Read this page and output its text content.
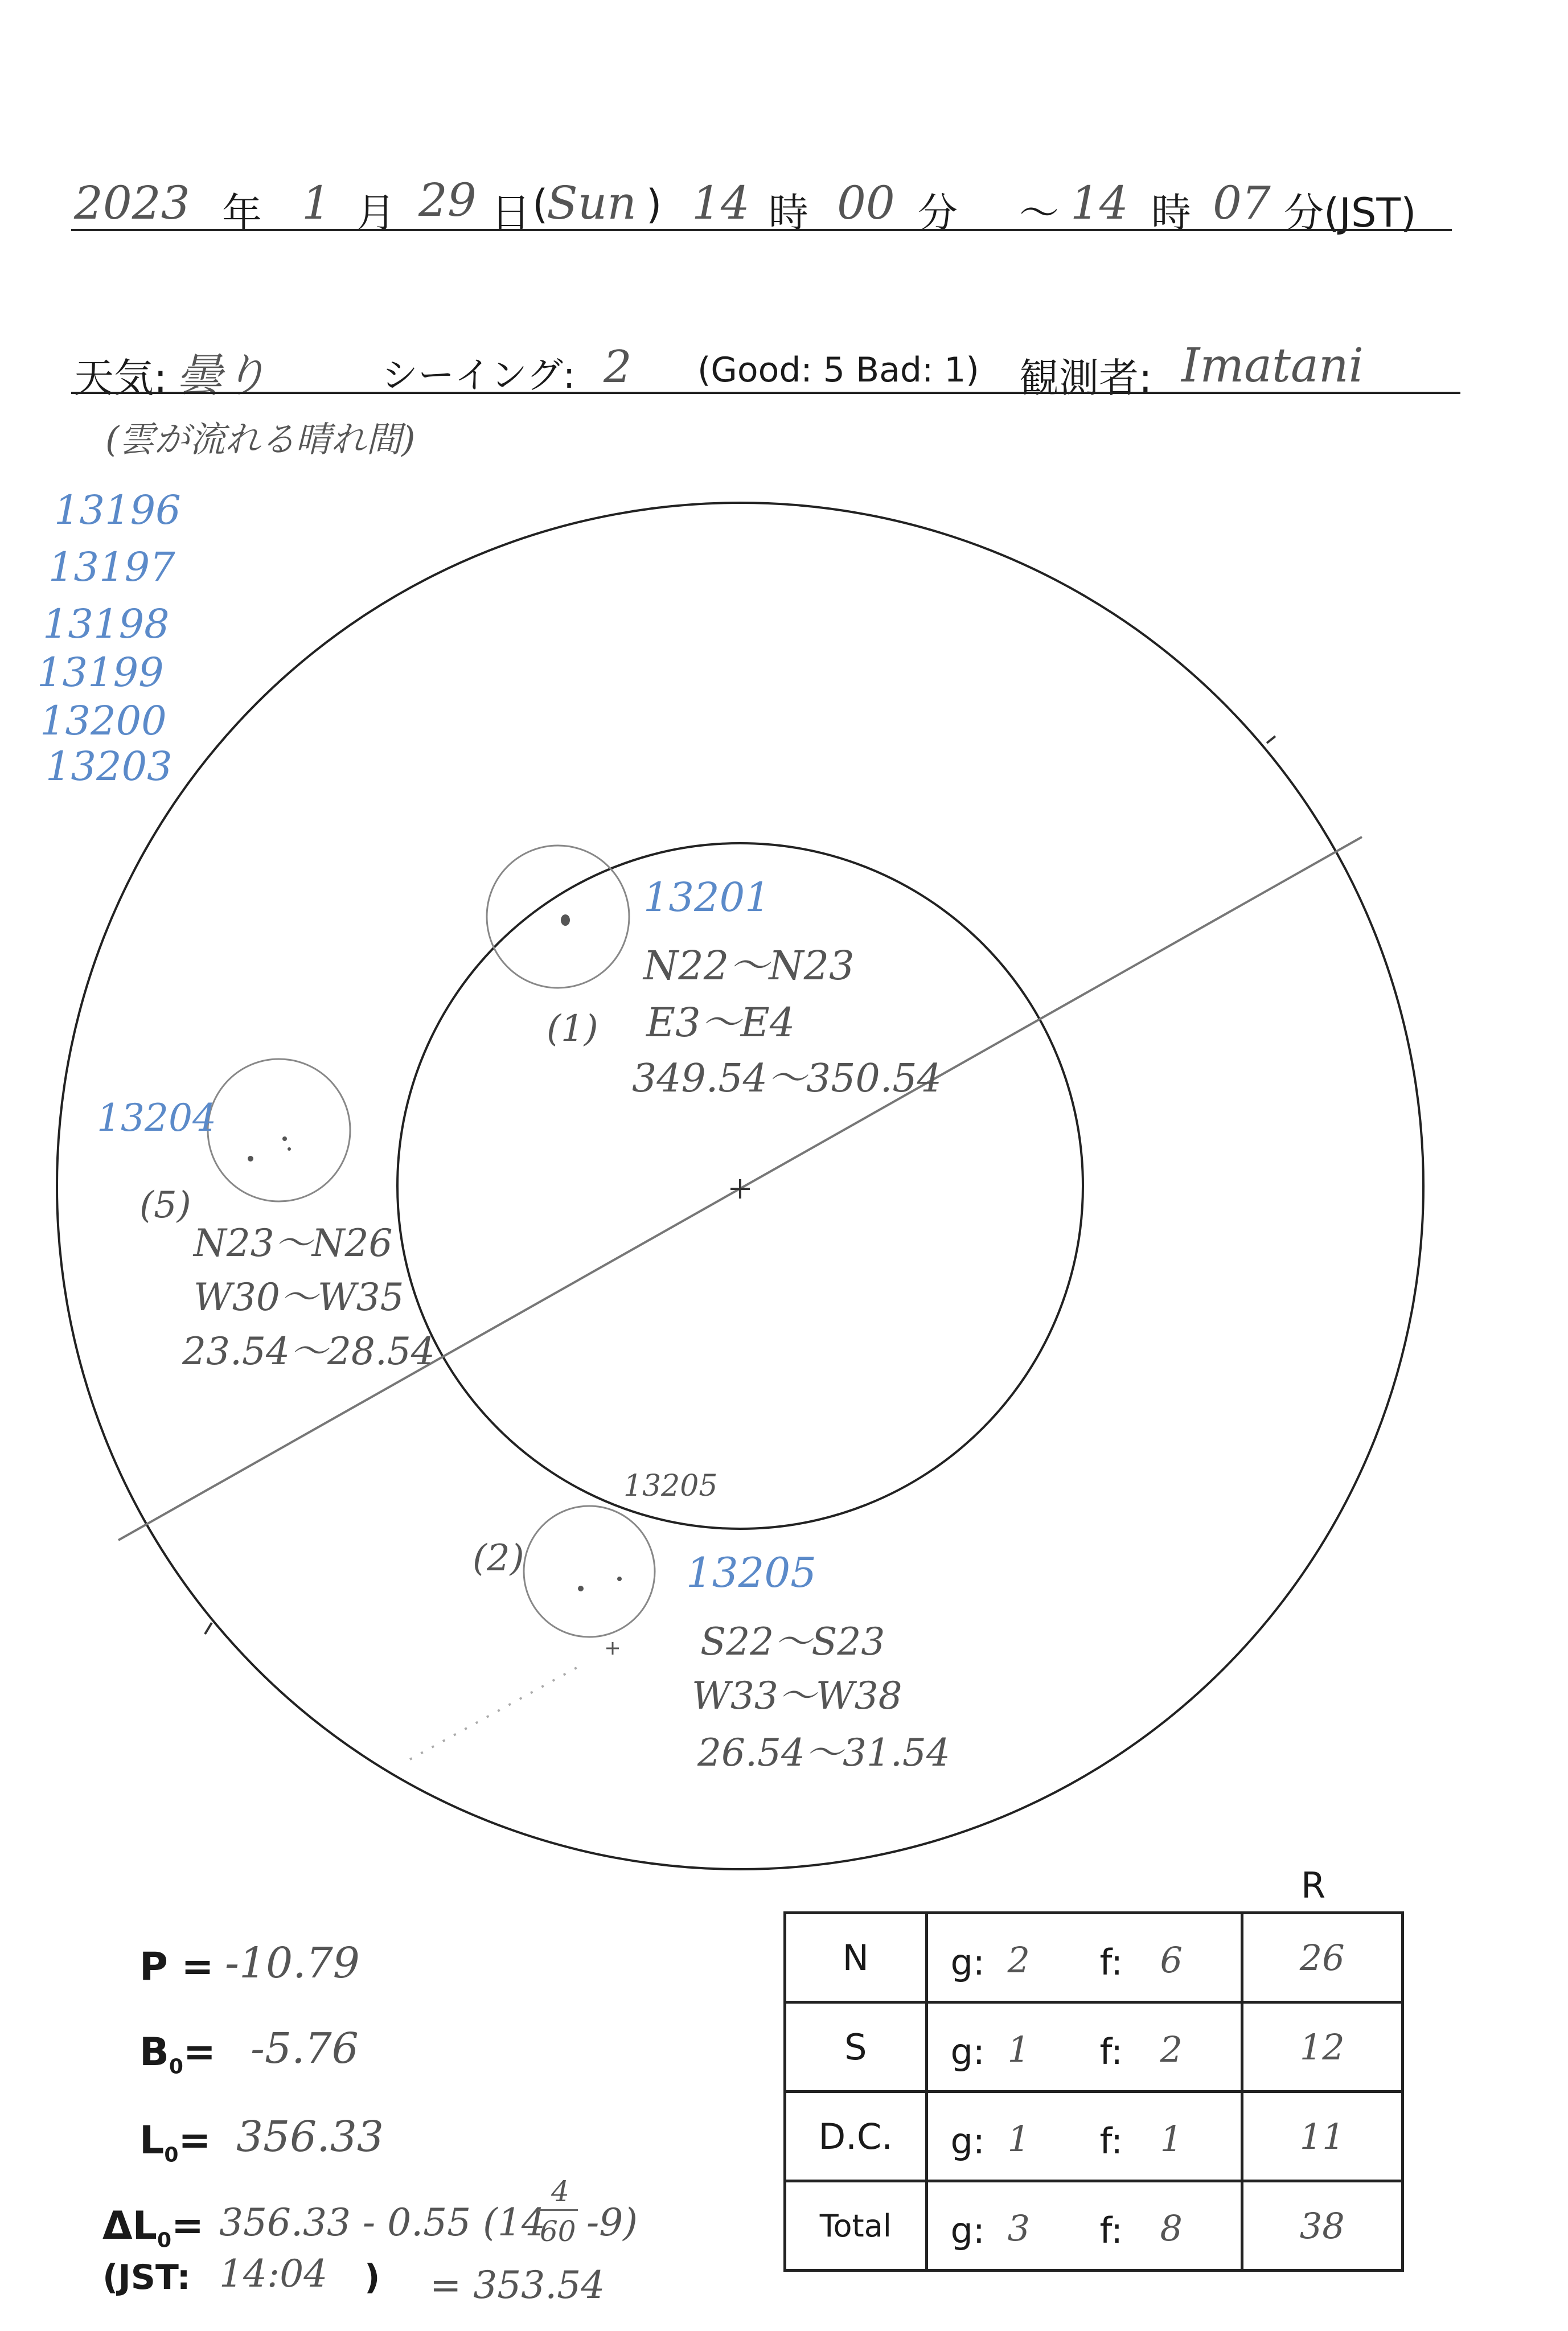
2023 年 1 月 29 日 (
Sun ) 14 時 00 分 〜 14 時 07 分(JST)
天気: 曇り	シーイング: 2 (Good: 5 Bad: 1) 観測者: Imatani
(雲が流れる晴れ間)
13196
13197
13198
13199
13200
13203
13201
N22～N23
(1) E3～E4
349.54～350.54
13204
(5)
N23～N26
W30～W35
23.54～28.54
13205
13205
(2)
S22～S23
W33～W38
26.54～31.54
P = -10.79
$B_0= -5.76$
$L_0= 356.33$
$\Delta L_0= 356.33 - 0.55$ (14
4
60 -9)
(JST: 14:04 ) = 353.54
R
N	g: 2 f: 6	26
S	g: 1 f: 2	12
D.C.	g: 1 f: 1	11
Total	g: 3 f: 8	38
